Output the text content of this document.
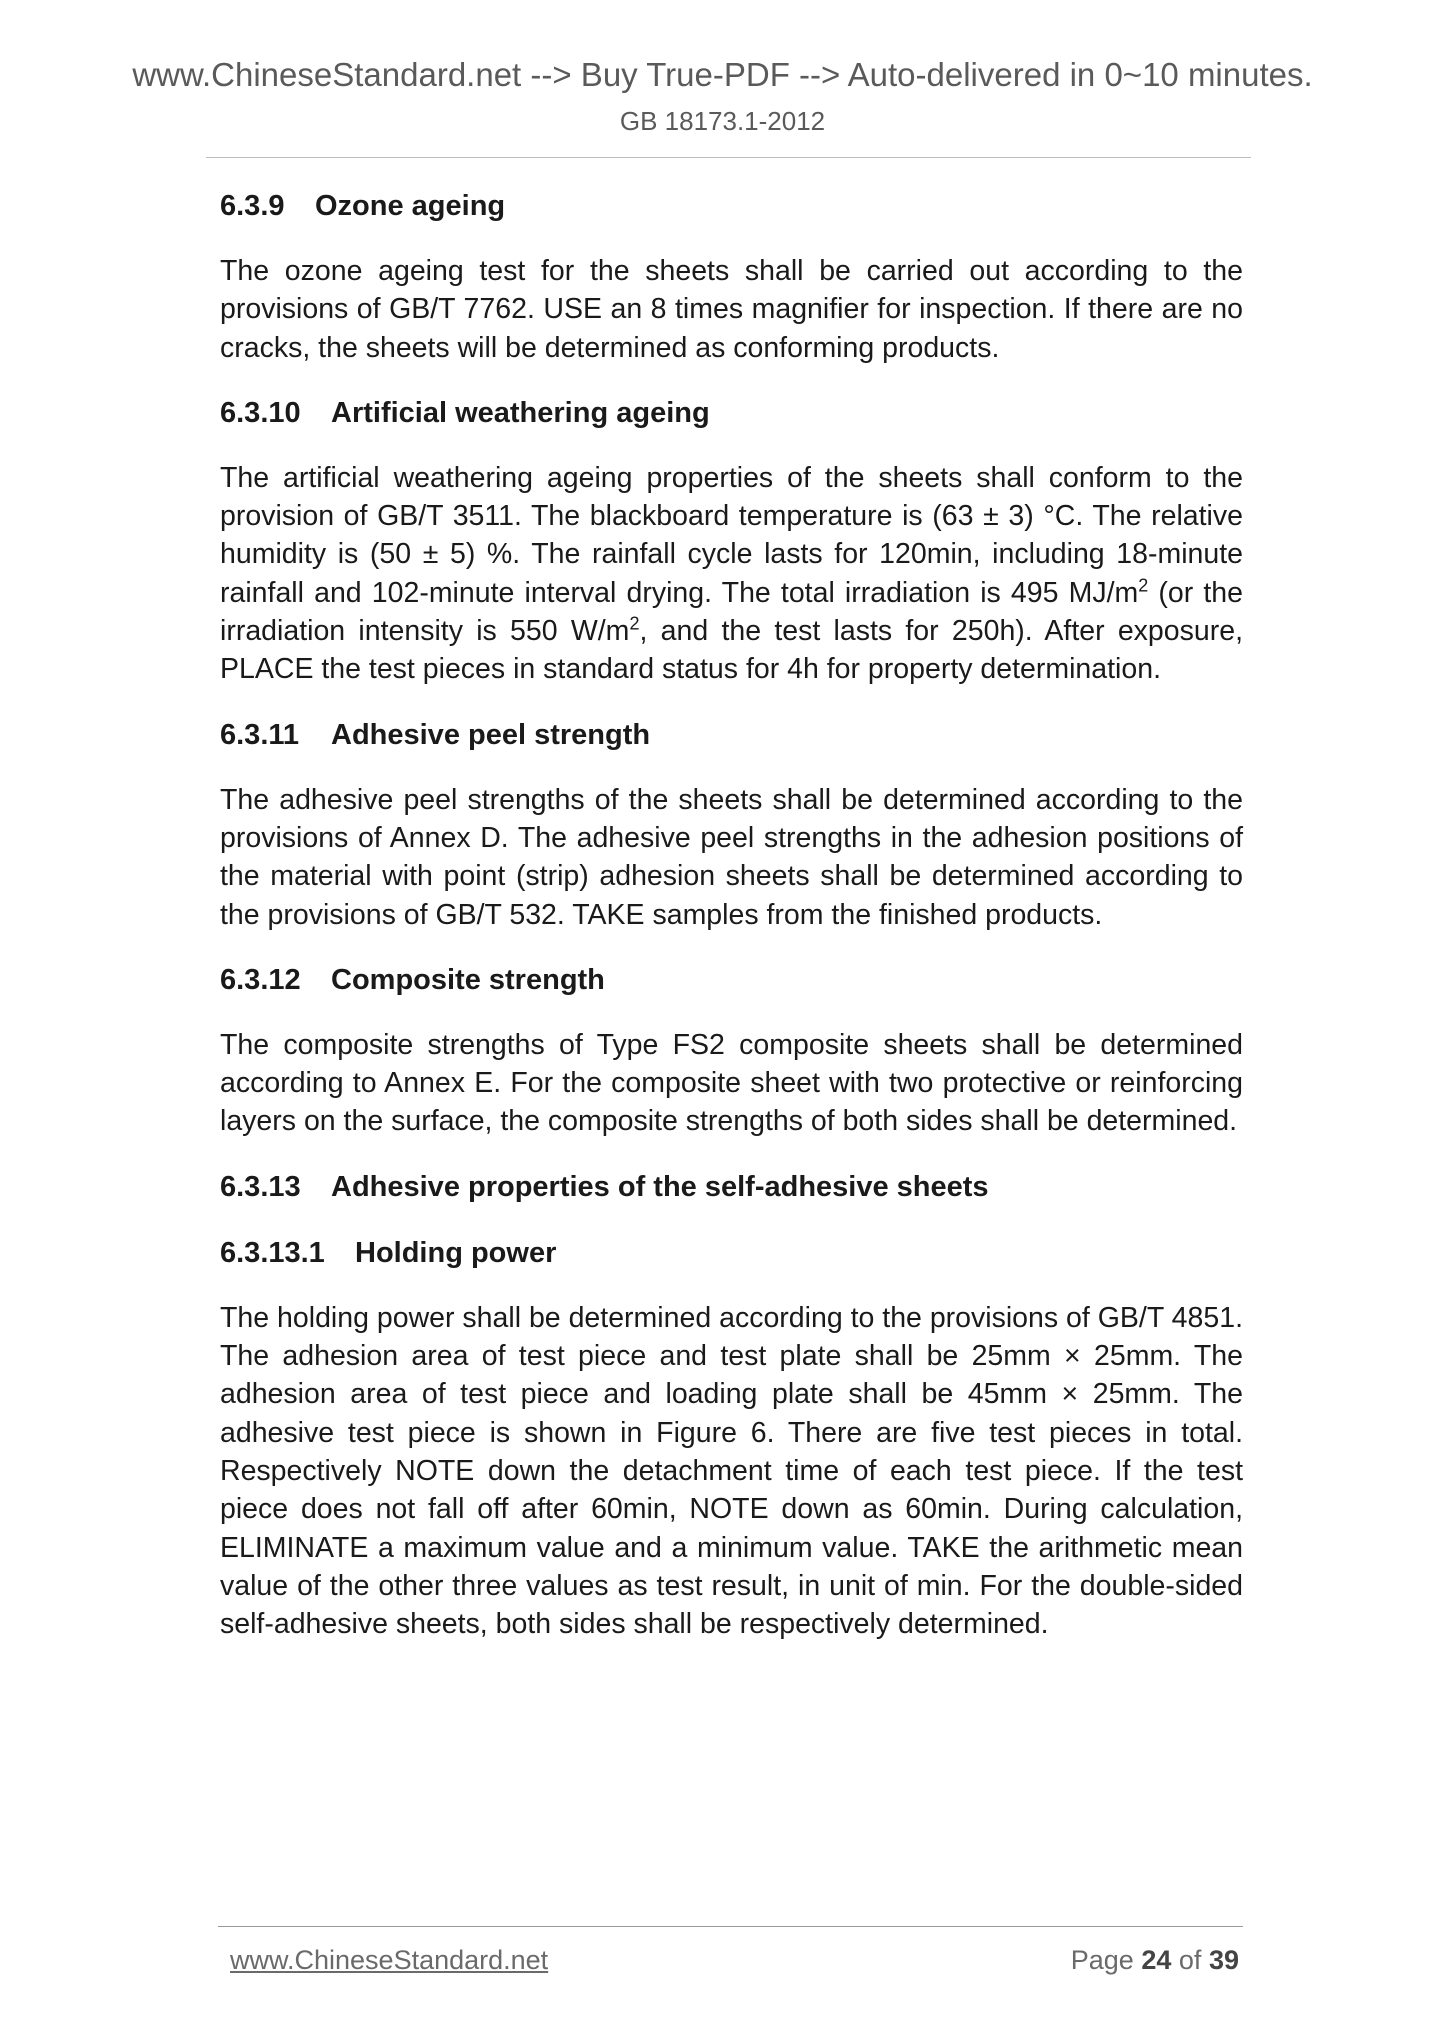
www.ChineseStandard.net --> Buy True-PDF --> Auto-delivered in 0~10 minutes.
GB 18173.1-2012
6.3.9 Ozone ageing

The ozone ageing test for the sheets shall be carried out according to the provisions of GB/T 7762. USE an 8 times magnifier for inspection. If there are no cracks, the sheets will be determined as conforming products.

6.3.10 Artificial weathering ageing

The artificial weathering ageing properties of the sheets shall conform to the provision of GB/T 3511. The blackboard temperature is (63 ± 3) °C. The relative humidity is (50 ± 5) %. The rainfall cycle lasts for 120min, including 18-minute rainfall and 102-minute interval drying. The total irradiation is 495 $MJ/m^2$ (or the irradiation intensity is 550 $W/m^2$, and the test lasts for 250h). After exposure, PLACE the test pieces in standard status for 4h for property determination.

6.3.11 Adhesive peel strength

The adhesive peel strengths of the sheets shall be determined according to the provisions of Annex D. The adhesive peel strengths in the adhesion positions of the material with point (strip) adhesion sheets shall be determined according to the provisions of GB/T 532. TAKE samples from the finished products.

6.3.12 Composite strength

The composite strengths of Type FS2 composite sheets shall be determined according to Annex E. For the composite sheet with two protective or reinforcing layers on the surface, the composite strengths of both sides shall be determined.

6.3.13 Adhesive properties of the self-adhesive sheets
6.3.13.1 Holding power

The holding power shall be determined according to the provisions of GB/T 4851. The adhesion area of test piece and test plate shall be 25mm × 25mm. The adhesion area of test piece and loading plate shall be 45mm × 25mm. The adhesive test piece is shown in Figure 6. There are five test pieces in total. Respectively NOTE down the detachment time of each test piece. If the test piece does not fall off after 60min, NOTE down as 60min. During calculation, ELIMINATE a maximum value and a minimum value. TAKE the arithmetic mean value of the other three values as test result, in unit of min. For the double-sided self-adhesive sheets, both sides shall be respectively determined.

www.ChineseStandard.net	Page 24 of 39
